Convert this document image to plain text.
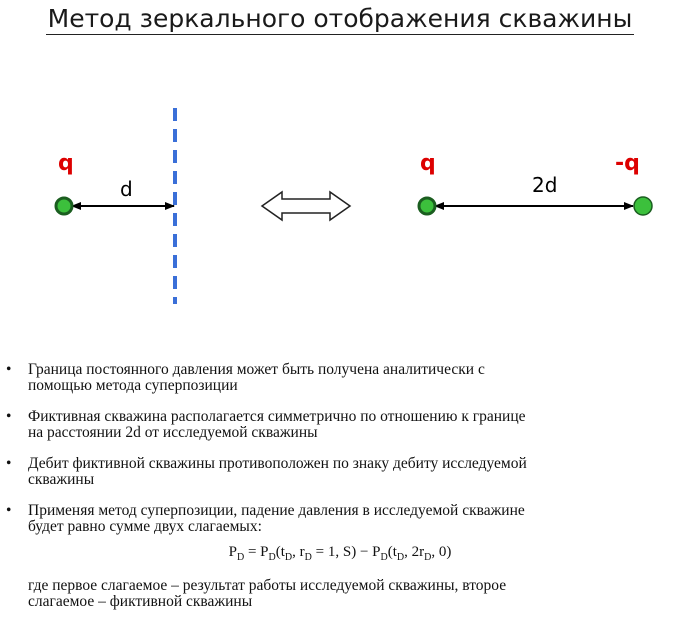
Метод зеркального отображения скважины
q
d
q	-q
2d
• Граница постоянного давления может быть получена аналитически с
помощью метода суперпозиции
• Фиктивная скважина располагается симметрично по отношению к границе
на расстоянии 2d от исследуемой скважины
• Дебит фиктивной скважины противоположен по знаку дебиту исследуемой
скважины
• Применяя метод суперпозиции, падение давления в исследуемой скважине
будет равно сумме двух слагаемых:
$P_D = P_D(t_D$, $r_D = 1$, $S) - P_D(t_D$, $2r_D$, 0)
где первое слагаемое – результат работы исследуемой скважины, второе
слагаемое – фиктивной скважины
